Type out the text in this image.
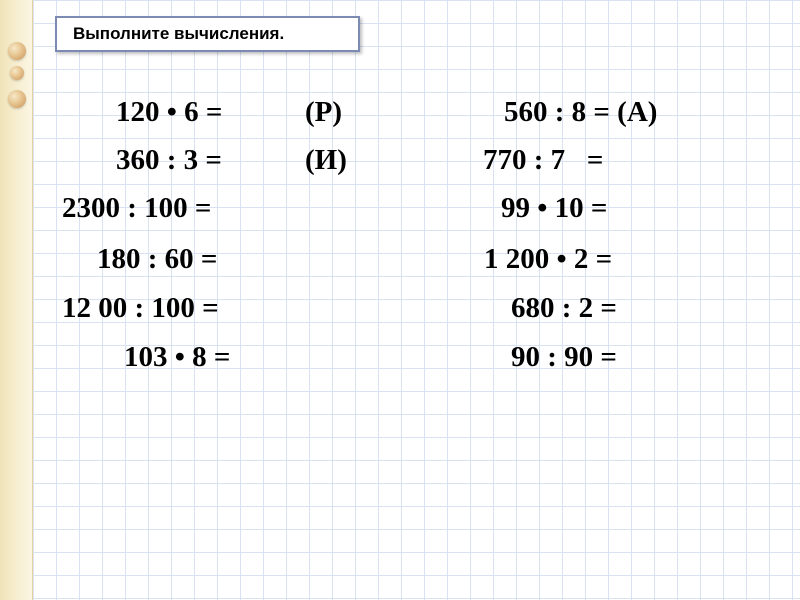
Выполните вычисления.
120 • 6 =
360 : 3 =
2300 : 100 =
180 : 60 =
12 00 : 100 =
103 • 8 =
(Р)
(И)
560 : 8 = (А)
770 : 7   =
99 • 10 =
1 200 • 2 =
680 : 2 =
90 : 90 =
